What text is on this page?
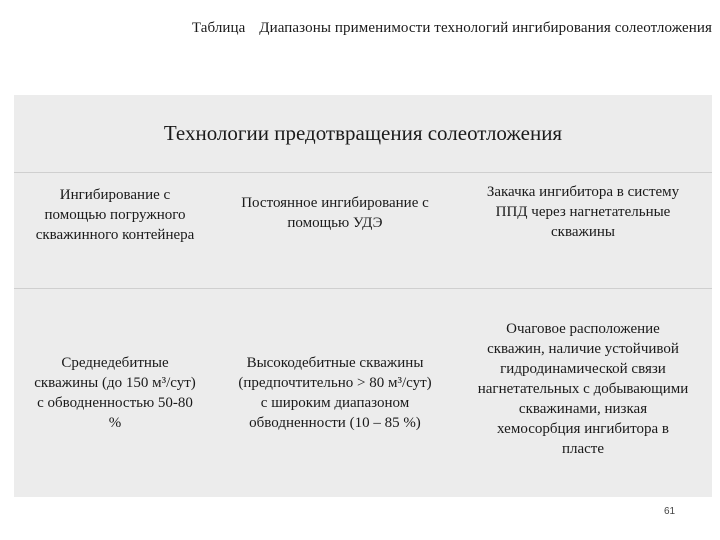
Таблица Диапазоны применимости технологий ингибирования солеотложения
Технологии предотвращения солеотложения
Ингибирование с
помощью погружного
скважинного контейнера
Постоянное ингибирование с
помощью УДЭ
Закачка ингибитора в систему
ППД через нагнетательные
скважины
Среднедебитные
скважины (до 150 м³/сут)
с обводненностью 50-80
%
Высокодебитные скважины
(предпочтительно > 80 м³/сут)
с широким диапазоном
обводненности (10 – 85 %)
Очаговое расположение
скважин, наличие устойчивой
гидродинамической связи
нагнетательных с добывающими
скважинами, низкая
хемосорбция ингибитора в
пласте
61
